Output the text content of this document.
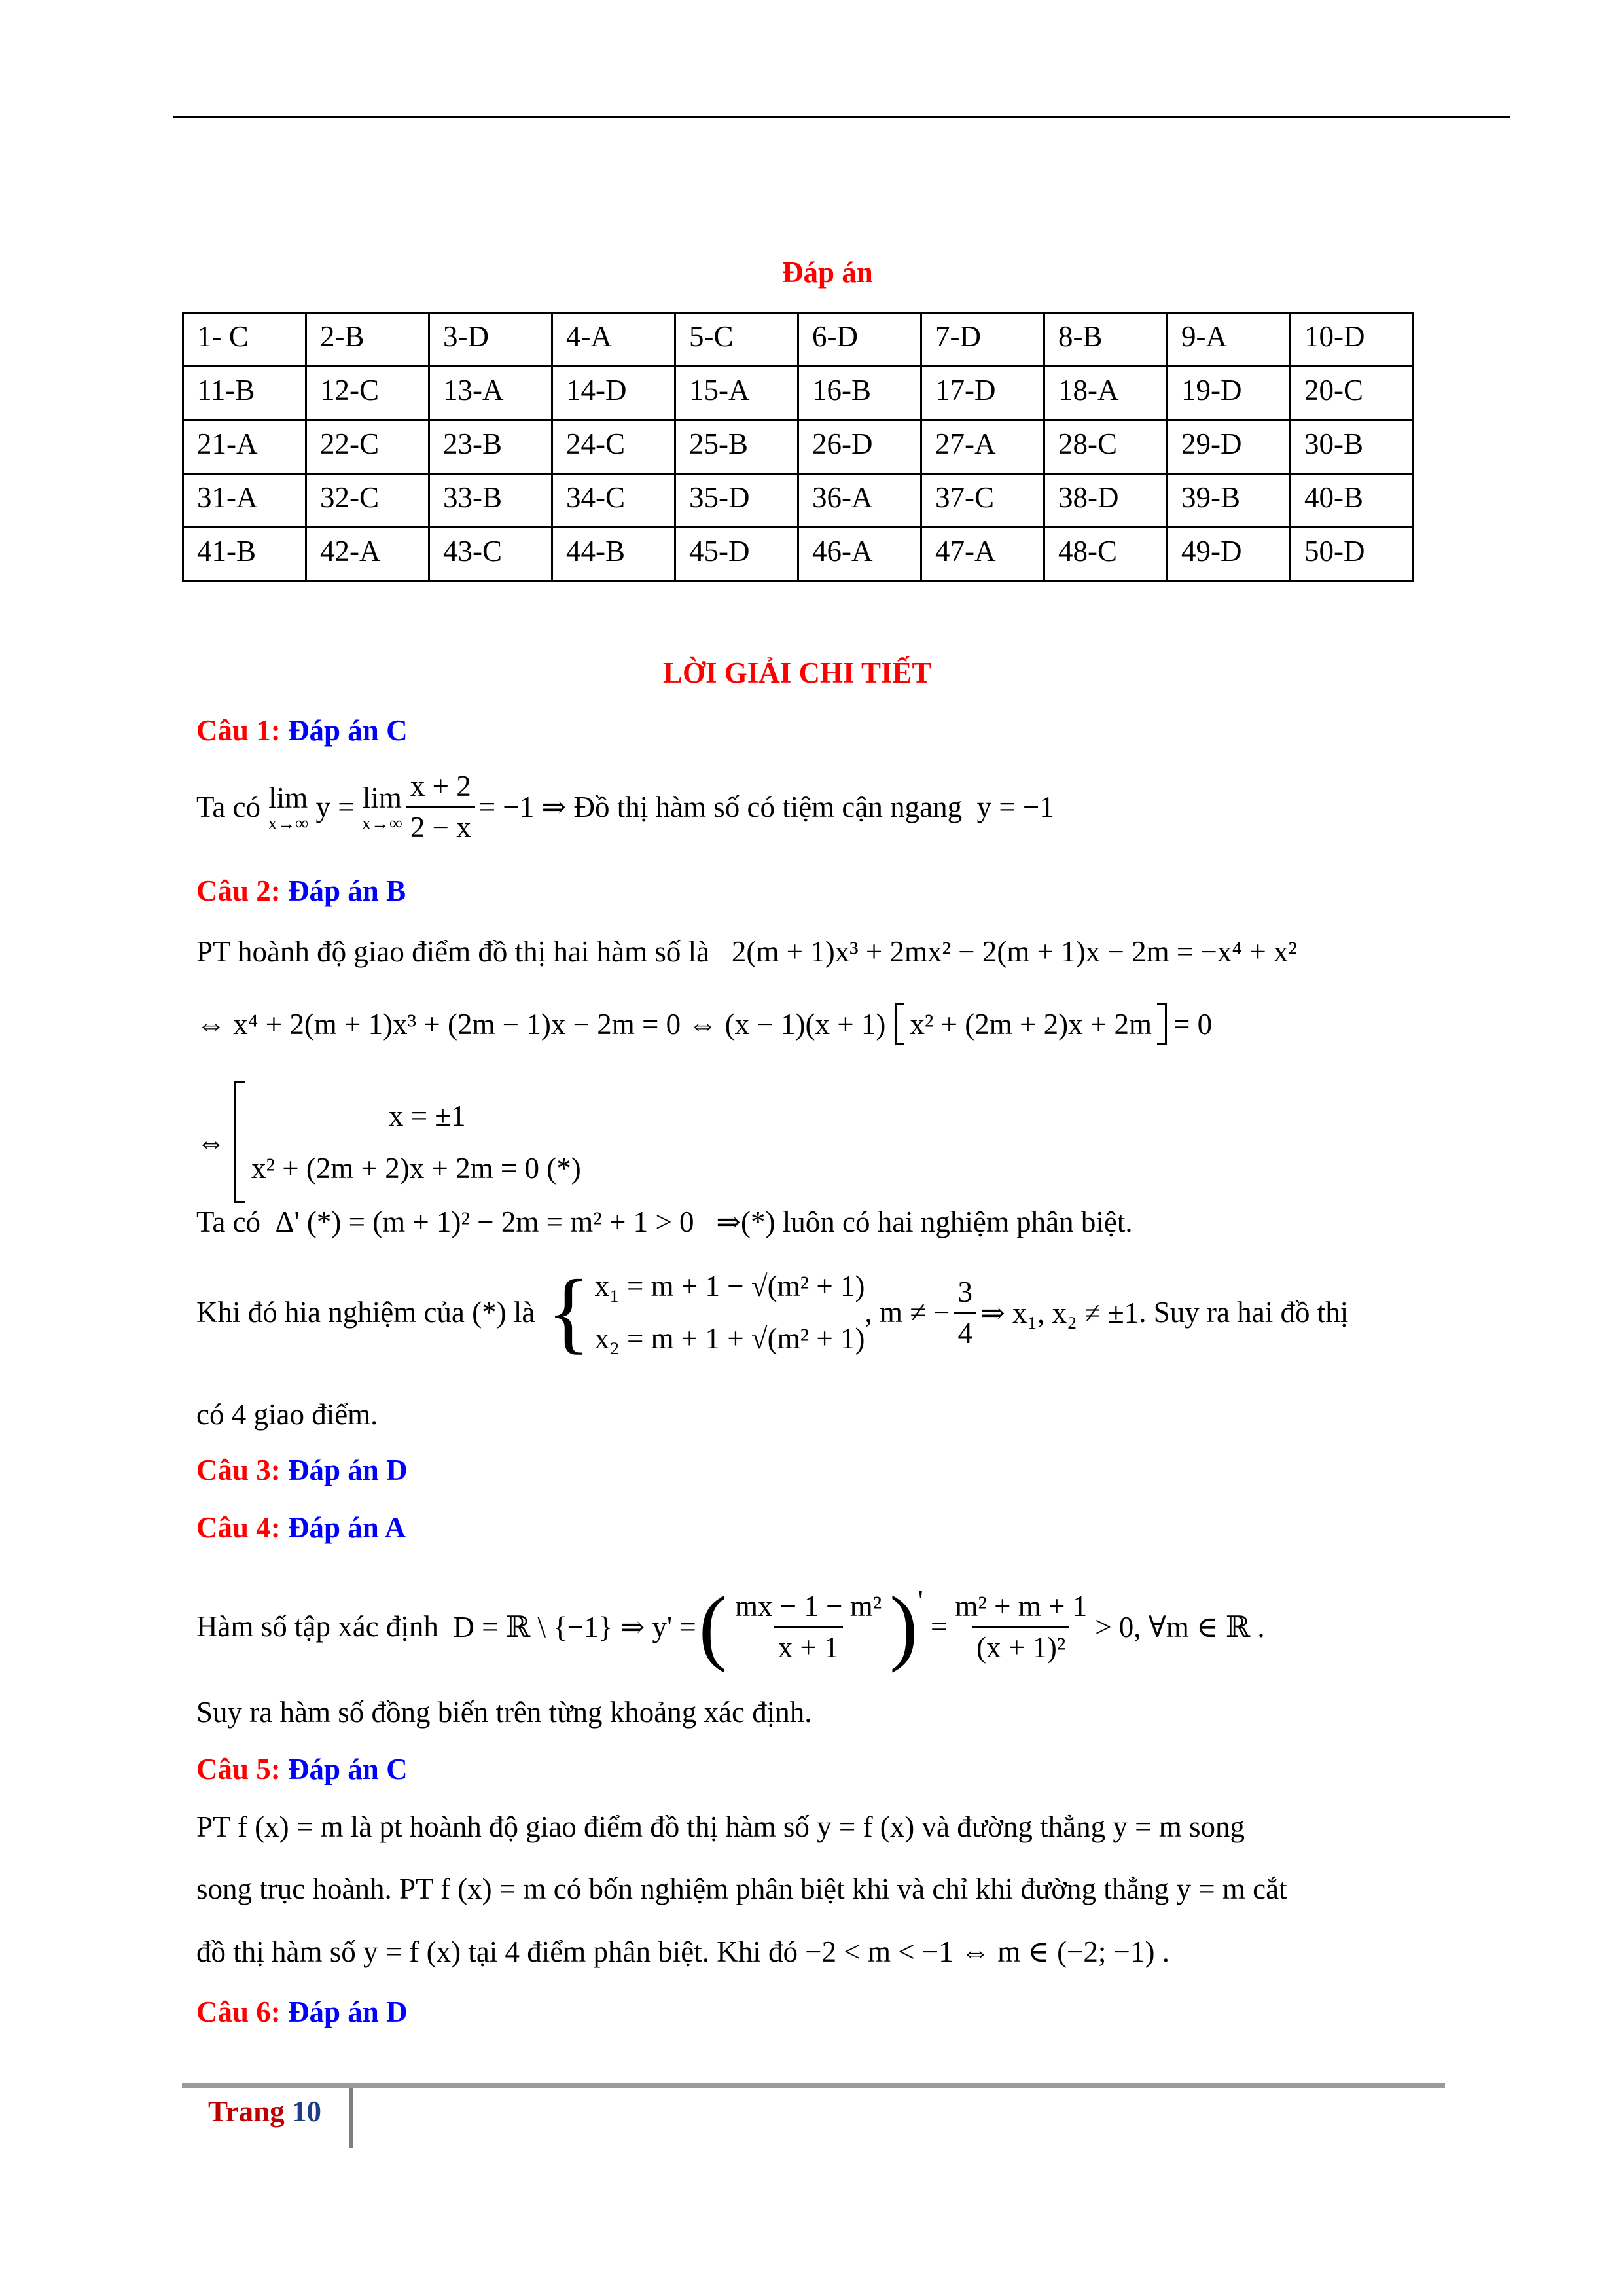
Đáp án
1- C	2-B	3-D	4-A	5-C	6-D	7-D	8-B	9-A	10-D
11-B	12-C	13-A	14-D	15-A	16-B	17-D	18-A	19-D	20-C
21-A	22-C	23-B	24-C	25-B	26-D	27-A	28-C	29-D	30-B
31-A	32-C	33-B	34-C	35-D	36-A	37-C	38-D	39-B	40-B
41-B	42-A	43-C	44-B	45-D	46-A	47-A	48-C	49-D	50-D
LỜI GIẢI CHI TIẾT
Câu 1: Đáp án C
Ta có
lim
x→∞

y =
lim
$x\to\infty \frac{x + 2}{2 - x} = -1$ ⇒
Đồ thị hàm số có tiệm cận ngang
y = −1
Câu 2: Đáp án B
PT hoành độ giao điểm đồ thị hai hàm số là 2(m + 1)x³ + 2mx² − 2(m + 1)x − 2m = −x⁴ + x²
⇔ x⁴ + 2(m + 1)x³ + (2m − 1)x − 2m = 0 ⇔ (x − 1)(x + 1) x² + (2m + 2)x + 2m = 0
⇔
x = ±1
x² + (2m + 2)x + 2m = 0 (*)
Ta có Δ' (*) = (m + 1)² − 2m = m² + 1 > 0 ⇒(*) luôn có hai nghiệm phân biệt.
Khi đó hia nghiệm của (*) là { x₁ = m + 1 − √(m² + 1)
x₂ = m + 1 + √(m² + 1)
, m ≠ − $\frac{3}{4}$ ⇒ x₁, x₂ ≠ ±1 . Suy ra hai đồ thị
có 4 giao điểm.
Câu 3: Đáp án D
Câu 4: Đáp án A
Hàm số tập xác định
D = ℝ \ {−1} ⇒ y' = ( $\frac{\text{mx − 1 − m²}}{x + 1}$ ) '

= $\frac{\text{m² + m + 1}}{\text{(x + 1)²}} > 0$, ∀m ∈ ℝ .
Suy ra hàm số đồng biến trên từng khoảng xác định.
Câu 5: Đáp án C
PT f (x) = m là pt hoành độ giao điểm đồ thị hàm số y = f (x) và đường thẳng y = m song
song trục hoành. PT f (x) = m có bốn nghiệm phân biệt khi và chỉ khi đường thẳng y = m cắt
đồ thị hàm số y = f (x) tại 4 điểm phân biệt. Khi đó −2 < m < −1 ⇔ m ∈ (−2; −1) .
Câu 6: Đáp án D
Trang 10
